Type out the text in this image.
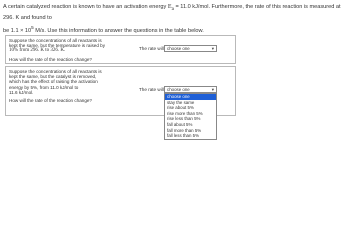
A certain catalyzed reaction is known to have an activation energy $E_a = 11.0$ kJ/mol. Furthermore, the rate of this reaction is measured at 296. K and found to
be $1.1 \times 10^5$ M/s. Use this information to answer the questions in the table below.

Suppose the concentrations of all reactants is

kept the same, but the temperature is raised by

10% from 296. K to 326. K.

How will the rate of the reaction change?

The rate will choose one	▾

Suppose the concentrations of all reactants is

kept the same, but the catalyst is removed,

which has the effect of raising the activation

energy by 5%, from 11.0 kJ/mol to

11.6 kJ/mol.

How will the rate of the reaction change?

The rate will choose one	▾
choose one
stay the same
rise about 5%
rise more than 5%
rise less than 5%
fall about 5%
fall more than 5%
fall less than 5%
